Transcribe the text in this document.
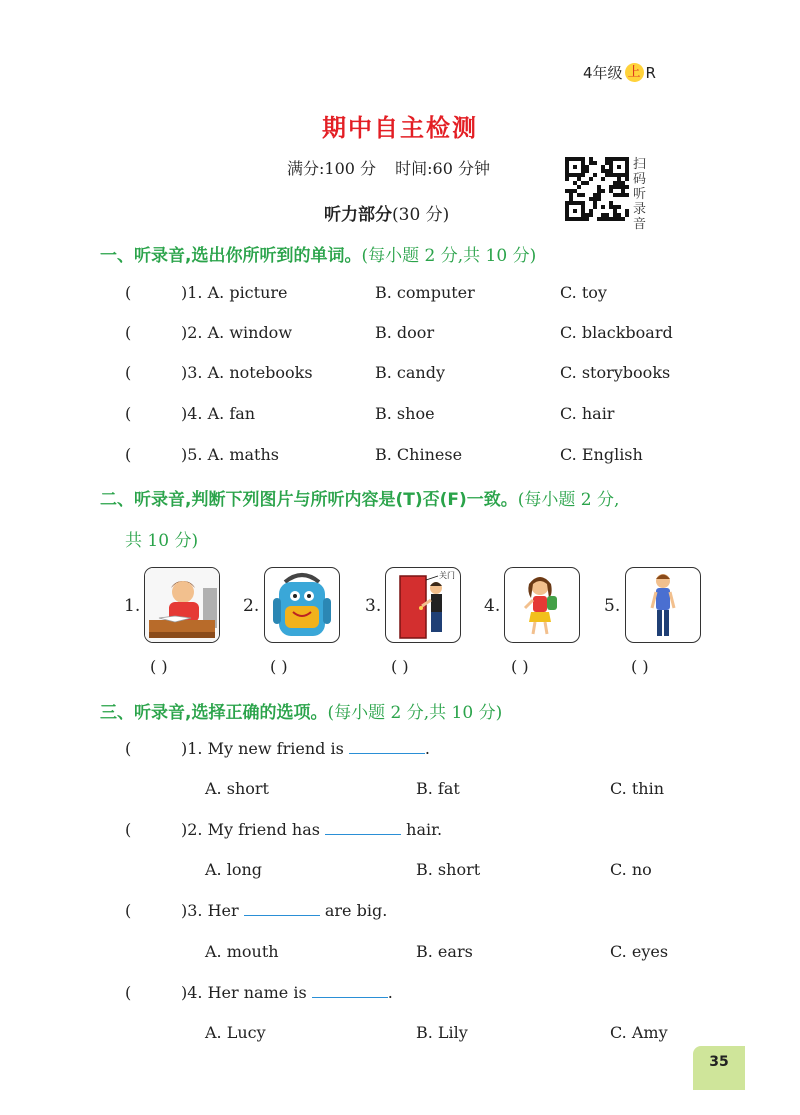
4年级 上 R
期中自主检测
满分:100 分 时间:60 分钟
听力部分(30 分)
扫
码
听
录
音
一、听录音,选出你所听到的单词。(每小题 2 分,共 10 分)
(	)1. A. picture	B. computer	C. toy
(	)2. A. window	B. door	C. blackboard
(	)3. A. notebooks	B. candy	C. storybooks
(	)4. A. fan	B. shoe	C. hair
(	)5. A. maths	B. Chinese	C. English
二、听录音,判断下列图片与所听内容是(T)否(F)一致。(每小题 2 分,
共 10 分)
1.
( )
2.
( )
3.
关门
( )
4.
( )
5.
( )
三、听录音,选择正确的选项。(每小题 2 分,共 10 分)
(	)1. My new friend is	.
A. short	B. fat	C. thin
(	)2. My friend has	hair.
A. long	B. short	C. no
(	)3. Her	are big.
A. mouth	B. ears	C. eyes
(	)4. Her name is	.
A. Lucy	B. Lily	C. Amy
35
